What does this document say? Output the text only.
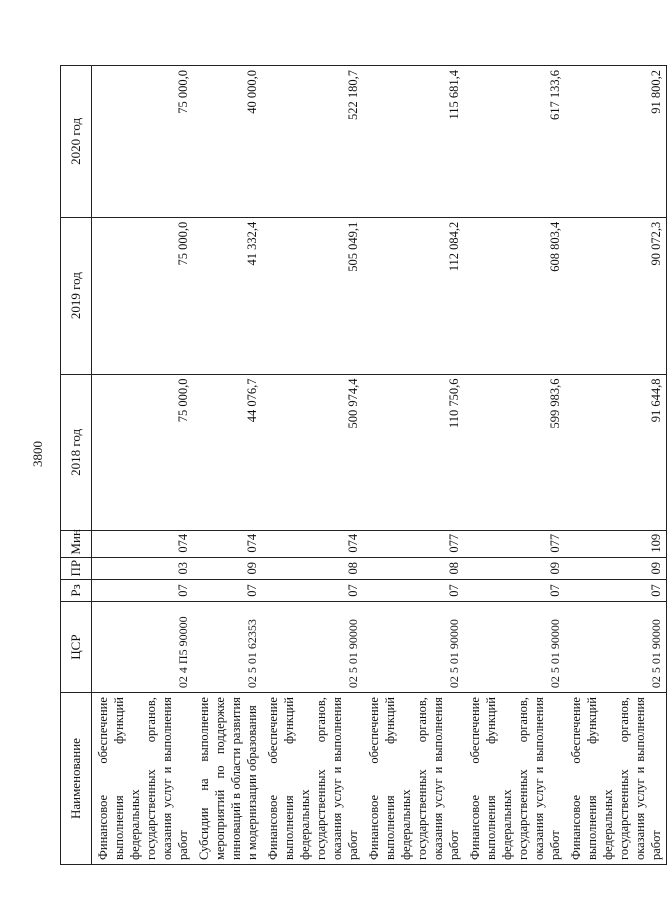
3800
Наименование	ЦСР	Рз	ПР	Мин	2018 год	2019 год	2020 год
Финансовое обеспечение выполнения функций федеральных государственных органов, оказания услуг и выполнения работ	02 4 П5 90000	07	03	074	75 000,0	75 000,0	75 000,0
Субсидии на выполнение мероприятий по поддержке инноваций в области развития и модернизации образования	02 5 01 62353	07	09	074	44 076,7	41 332,4	40 000,0
Финансовое обеспечение выполнения функций федеральных государственных органов, оказания услуг и выполнения работ	02 5 01 90000	07	08	074	500 974,4	505 049,1	522 180,7
Финансовое обеспечение выполнения функций федеральных государственных органов, оказания услуг и выполнения работ	02 5 01 90000	07	08	077	110 750,6	112 084,2	115 681,4
Финансовое обеспечение выполнения функций федеральных государственных органов, оказания услуг и выполнения работ	02 5 01 90000	07	09	077	599 983,6	608 803,4	617 133,6
Финансовое обеспечение выполнения функций федеральных государственных органов, оказания услуг и выполнения работ	02 5 01 90000	07	09	109	91 644,8	90 072,3	91 800,2
